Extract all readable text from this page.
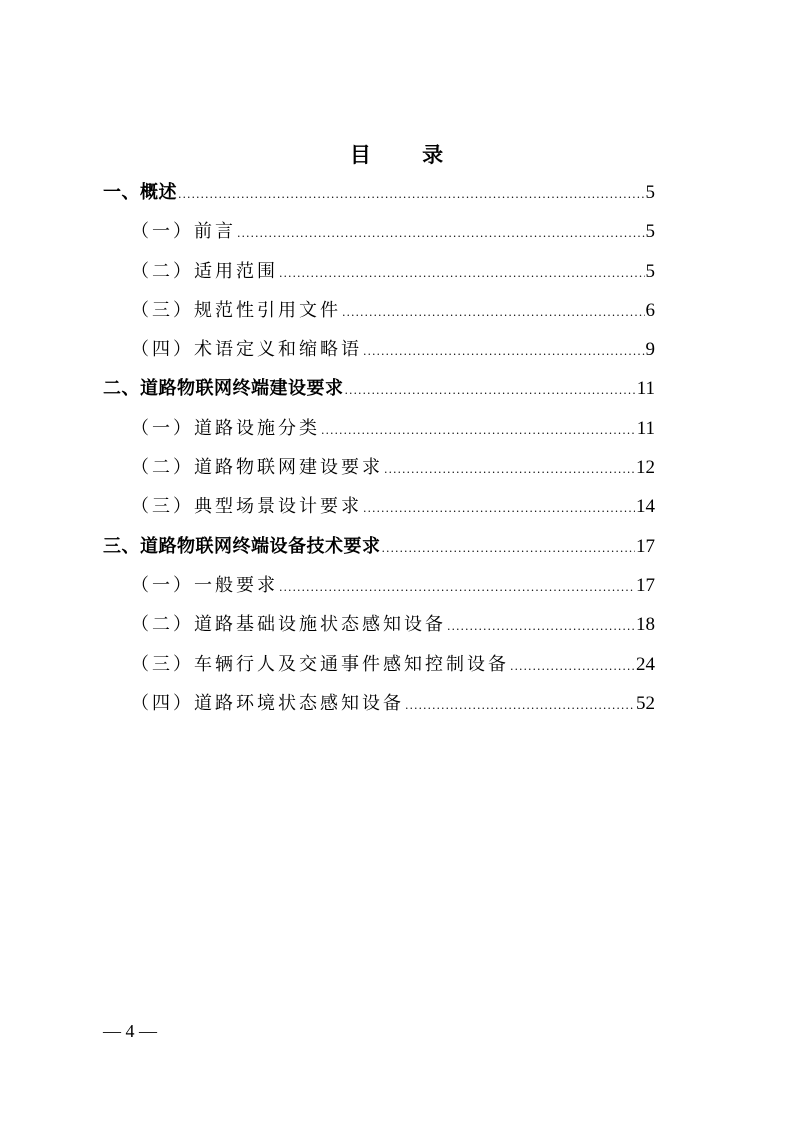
目 录
一、概述 .....	5
（一）前言 .....	5
（二）适用范围 .....	5
（三）规范性引用文件 .....	6
（四）术语定义和缩略语 .....	9
二、道路物联网终端建设要求 .....	11
（一）道路设施分类 .....	11
（二）道路物联网建设要求 .....	12
（三）典型场景设计要求 .....	14
三、道路物联网终端设备技术要求 .....	17
（一）一般要求 .....	17
（二）道路基础设施状态感知设备 .....	18
（三）车辆行人及交通事件感知控制设备 .....	24
（四）道路环境状态感知设备 .....	52
— 4 —
